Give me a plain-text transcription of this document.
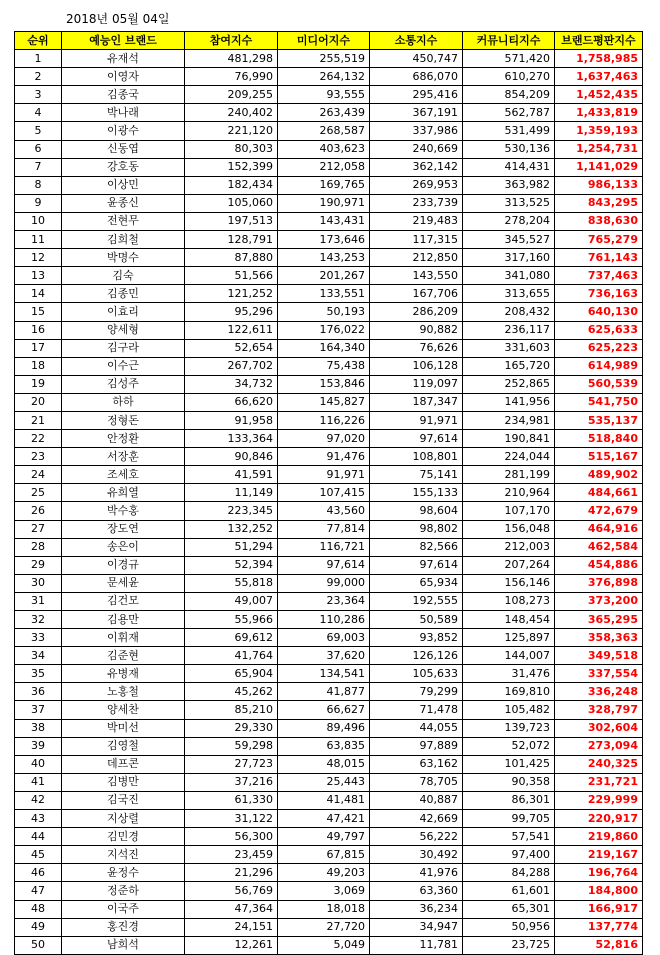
2018년 05월 04일
순위	예능인 브랜드	참여지수	미디어지수	소통지수	커뮤니티지수	브랜드평판지수
1	유재석	481,298	255,519	450,747	571,420	1,758,985
2	이영자	76,990	264,132	686,070	610,270	1,637,463
3	김종국	209,255	93,555	295,416	854,209	1,452,435
4	박나래	240,402	263,439	367,191	562,787	1,433,819
5	이광수	221,120	268,587	337,986	531,499	1,359,193
6	신동엽	80,303	403,623	240,669	530,136	1,254,731
7	강호동	152,399	212,058	362,142	414,431	1,141,029
8	이상민	182,434	169,765	269,953	363,982	986,133
9	윤종신	105,060	190,971	233,739	313,525	843,295
10	전현무	197,513	143,431	219,483	278,204	838,630
11	김희철	128,791	173,646	117,315	345,527	765,279
12	박명수	87,880	143,253	212,850	317,160	761,143
13	김숙	51,566	201,267	143,550	341,080	737,463
14	김종민	121,252	133,551	167,706	313,655	736,163
15	이효리	95,296	50,193	286,209	208,432	640,130
16	양세형	122,611	176,022	90,882	236,117	625,633
17	김구라	52,654	164,340	76,626	331,603	625,223
18	이수근	267,702	75,438	106,128	165,720	614,989
19	김성주	34,732	153,846	119,097	252,865	560,539
20	하하	66,620	145,827	187,347	141,956	541,750
21	정형돈	91,958	116,226	91,971	234,981	535,137
22	안정환	133,364	97,020	97,614	190,841	518,840
23	서장훈	90,846	91,476	108,801	224,044	515,167
24	조세호	41,591	91,971	75,141	281,199	489,902
25	유희열	11,149	107,415	155,133	210,964	484,661
26	박수홍	223,345	43,560	98,604	107,170	472,679
27	장도연	132,252	77,814	98,802	156,048	464,916
28	송은이	51,294	116,721	82,566	212,003	462,584
29	이경규	52,394	97,614	97,614	207,264	454,886
30	문세윤	55,818	99,000	65,934	156,146	376,898
31	김건모	49,007	23,364	192,555	108,273	373,200
32	김용만	55,966	110,286	50,589	148,454	365,295
33	이휘재	69,612	69,003	93,852	125,897	358,363
34	김준현	41,764	37,620	126,126	144,007	349,518
35	유병재	65,904	134,541	105,633	31,476	337,554
36	노홍철	45,262	41,877	79,299	169,810	336,248
37	양세찬	85,210	66,627	71,478	105,482	328,797
38	박미선	29,330	89,496	44,055	139,723	302,604
39	김영철	59,298	63,835	97,889	52,072	273,094
40	데프콘	27,723	48,015	63,162	101,425	240,325
41	김병만	37,216	25,443	78,705	90,358	231,721
42	김국진	61,330	41,481	40,887	86,301	229,999
43	지상렬	31,122	47,421	42,669	99,705	220,917
44	김민경	56,300	49,797	56,222	57,541	219,860
45	지석진	23,459	67,815	30,492	97,400	219,167
46	윤정수	21,296	49,203	41,976	84,288	196,764
47	정준하	56,769	3,069	63,360	61,601	184,800
48	이국주	47,364	18,018	36,234	65,301	166,917
49	홍진경	24,151	27,720	34,947	50,956	137,774
50	남희석	12,261	5,049	11,781	23,725	52,816
